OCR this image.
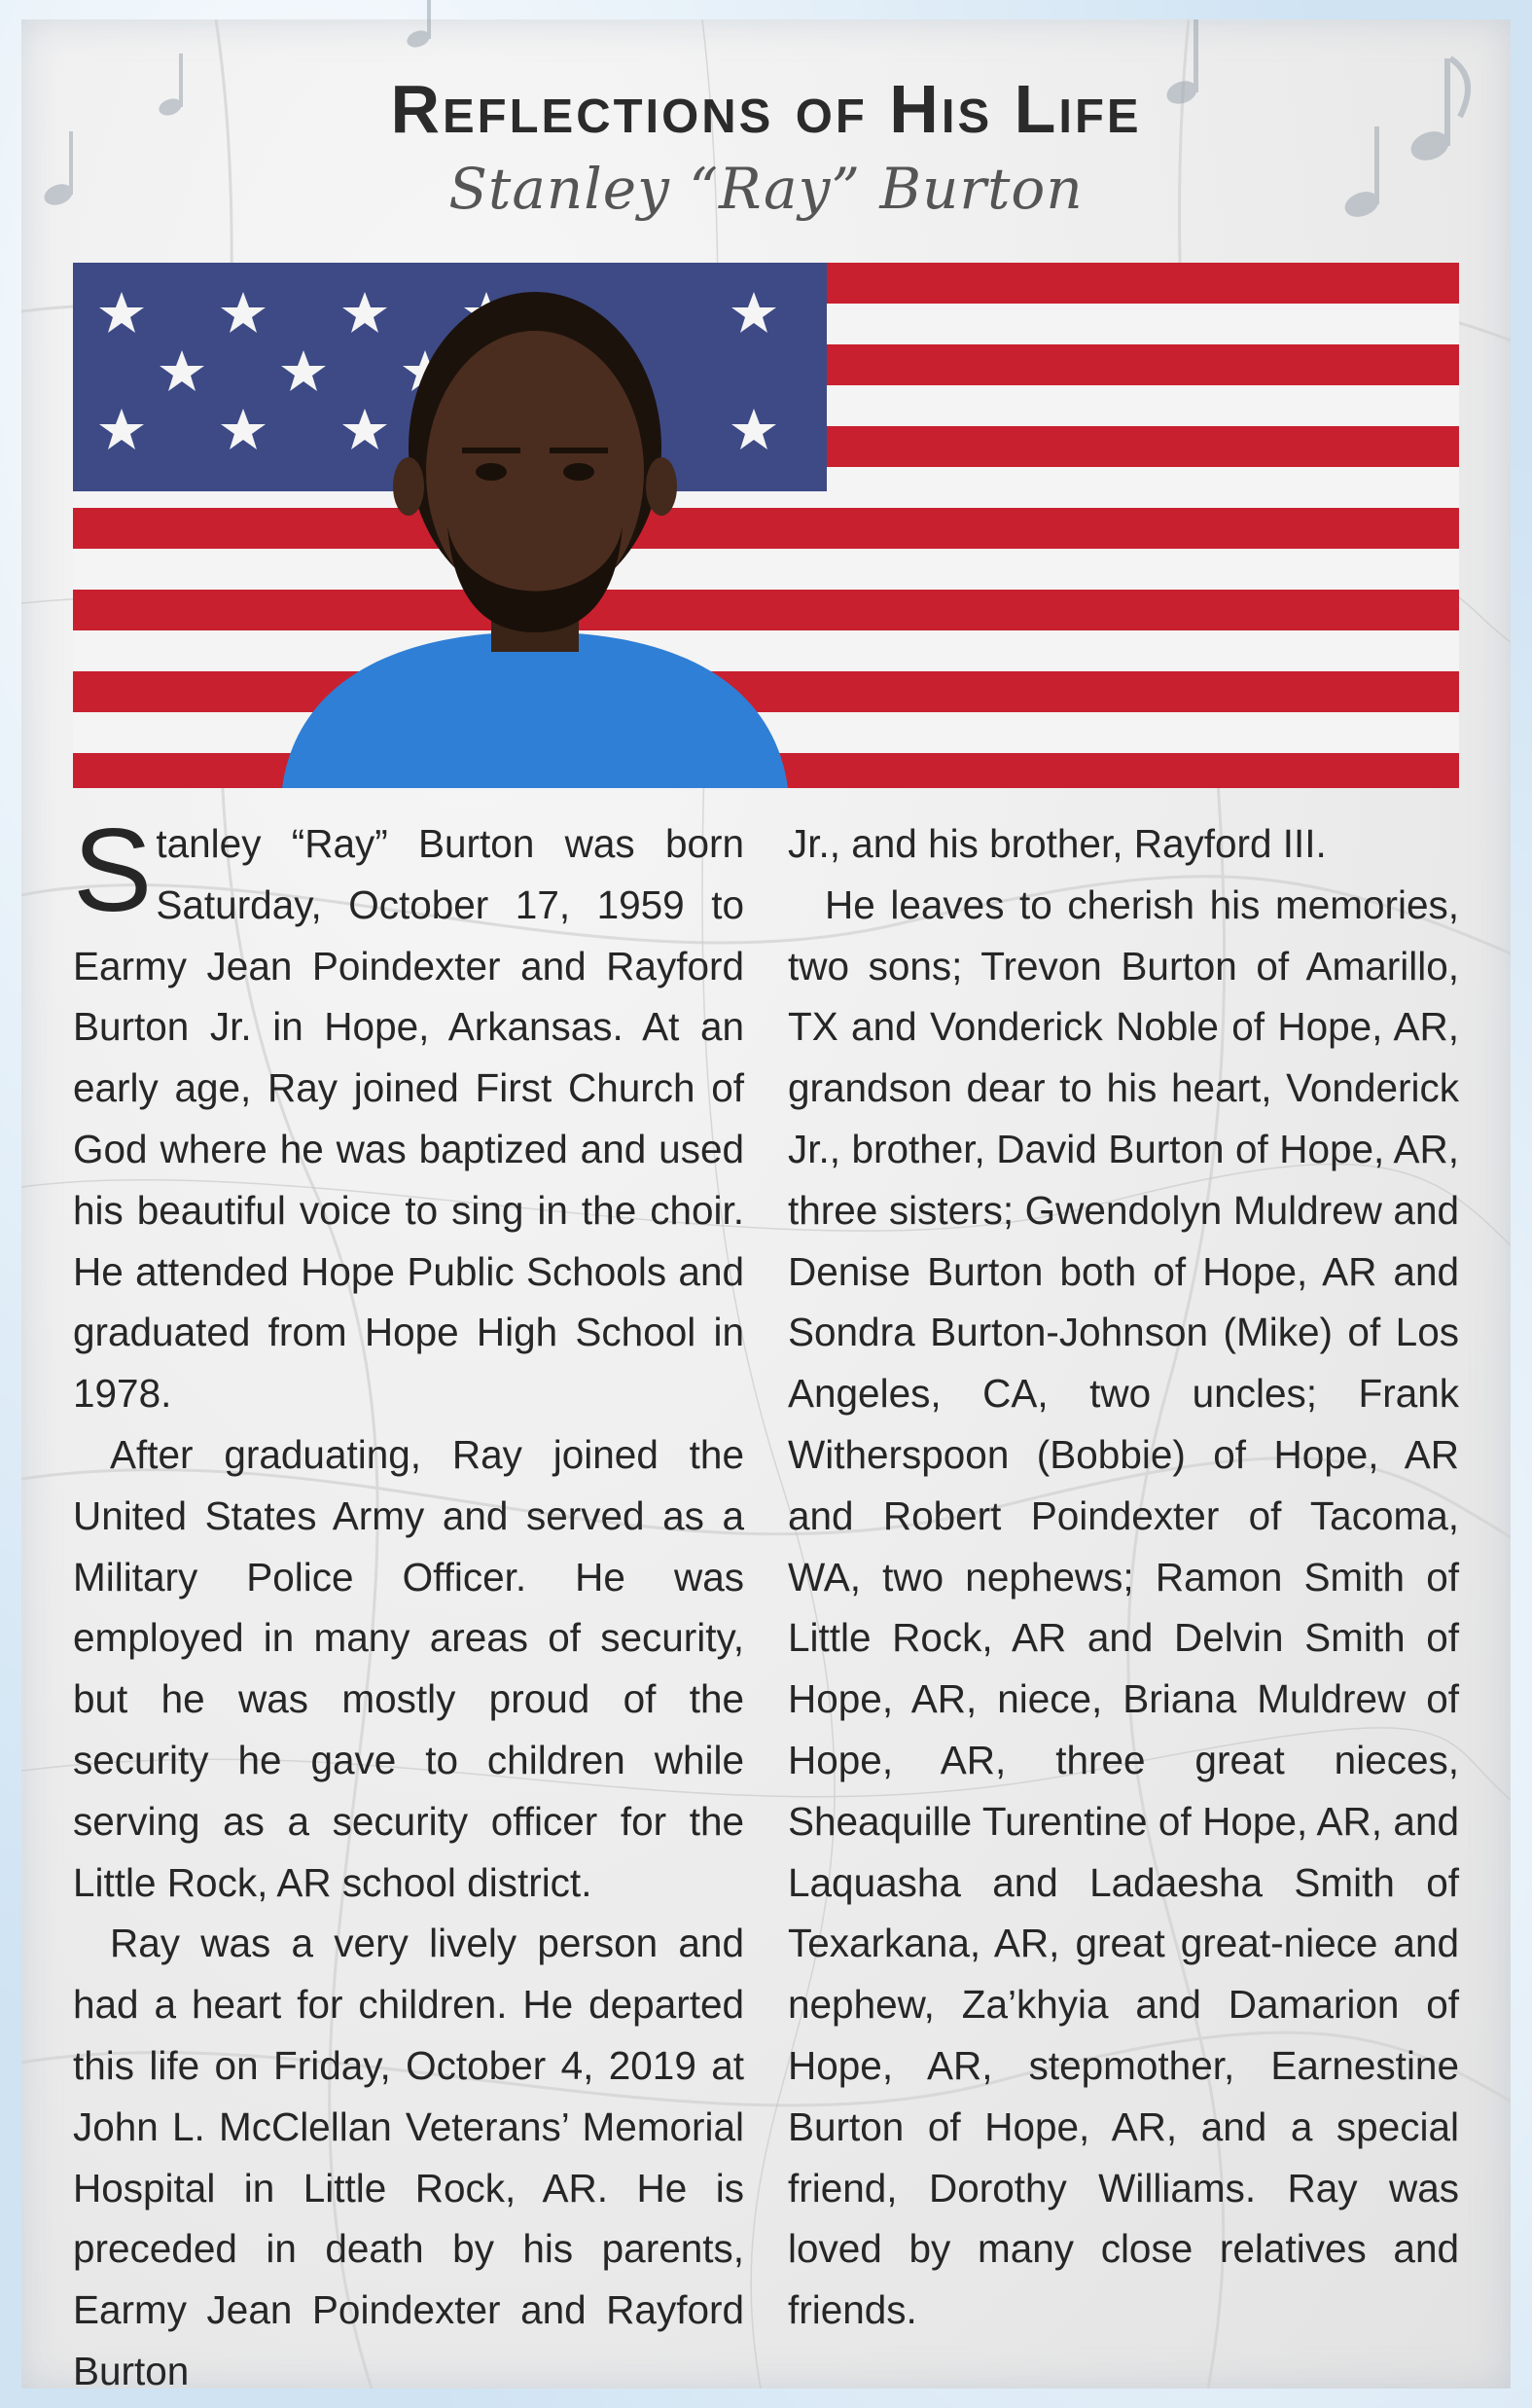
Reflections of His Life
Stanley “Ray” Burton

Stanley “Ray” Burton was born Saturday, October 17, 1959 to Earmy Jean Poindexter and Rayford Burton Jr. in Hope, Arkansas. At an early age, Ray joined First Church of God where he was baptized and used his beautiful voice to sing in the choir. He attended Hope Public Schools and graduated from Hope High School in 1978.

After graduating, Ray joined the United States Army and served as a Military Police Officer. He was employed in many areas of security, but he was mostly proud of the security he gave to children while serving as a security officer for the Little Rock, AR school district.

Ray was a very lively person and had a heart for children. He departed this life on Friday, October 4, 2019 at John L. McClellan Veterans’ Memorial Hospital in Little Rock, AR. He is preceded in death by his parents, Earmy Jean Poindexter and Rayford Burton

Jr., and his brother, Rayford III.

He leaves to cherish his memories, two sons; Trevon Burton of Amarillo, TX and Vonderick Noble of Hope, AR, grandson dear to his heart, Vonderick Jr., brother, David Burton of Hope, AR, three sisters; Gwendolyn Muldrew and Denise Burton both of Hope, AR and Sondra Burton-Johnson (Mike) of Los Angeles, CA, two uncles; Frank Witherspoon (Bobbie) of Hope, AR and Robert Poindexter of Tacoma, WA, two nephews; Ramon Smith of Little Rock, AR and Delvin Smith of Hope, AR, niece, Briana Muldrew of Hope, AR, three great nieces, Sheaquille Turentine of Hope, AR, and Laquasha and Ladaesha Smith of Texarkana, AR, great great-niece and nephew, Za’khyia and Damarion of Hope, AR, stepmother, Earnestine Burton of Hope, AR, and a special friend, Dorothy Williams. Ray was loved by many close relatives and friends.
